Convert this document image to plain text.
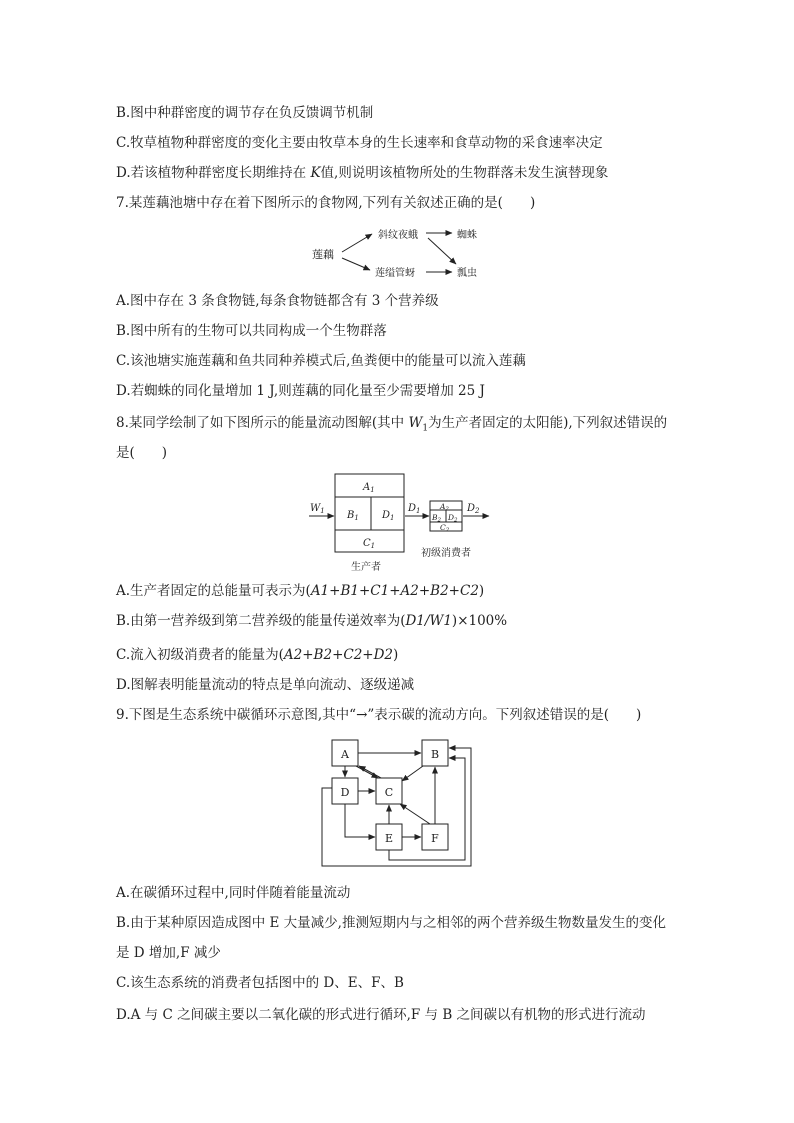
B.图中种群密度的调节存在负反馈调节机制
C.牧草植物种群密度的变化主要由牧草本身的生长速率和食草动物的采食速率决定
D.若该植物种群密度长期维持在 K值,则说明该植物所处的生物群落未发生演替现象
7.某莲藕池塘中存在着下图所示的食物网,下列有关叙述正确的是(　　)
莲藕
斜纹夜蛾
莲缢管蚜
蜘蛛
瓢虫
A.图中存在 3 条食物链,每条食物链都含有 3 个营养级
B.图中所有的生物可以共同构成一个生物群落
C.该池塘实施莲藕和鱼共同种养模式后,鱼粪便中的能量可以流入莲藕
D.若蜘蛛的同化量增加 1 J,则莲藕的同化量至少需要增加 25 J
8.某同学绘制了如下图所示的能量流动图解(其中 $W_1$为生产者固定的太阳能),下列叙述错误的
是(　　)
$W_1$
$A_1$
$B_1$ $D_1$
$C_1$
生产者
$D_1$	$A_2$
$B_2$ $D_2$
$C_2$
$D_2$
初级消费者
A.生产者固定的总能量可表示为(A1+B1+C1+A2+B2+C2)
B.由第一营养级到第二营养级的能量传递效率为(D1/W1)×100%
C.流入初级消费者的能量为(A2+B2+C2+D2)
D.图解表明能量流动的特点是单向流动、逐级递减
9.下图是生态系统中碳循环示意图,其中“→”表示碳的流动方向。下列叙述错误的是(　　)
A	B
C
D
E	F
A.在碳循环过程中,同时伴随着能量流动
B.由于某种原因造成图中 E 大量减少,推测短期内与之相邻的两个营养级生物数量发生的变化
是 D 增加,F 减少
C.该生态系统的消费者包括图中的 D、E、F、B
D.A 与 C 之间碳主要以二氧化碳的形式进行循环,F 与 B 之间碳以有机物的形式进行流动
